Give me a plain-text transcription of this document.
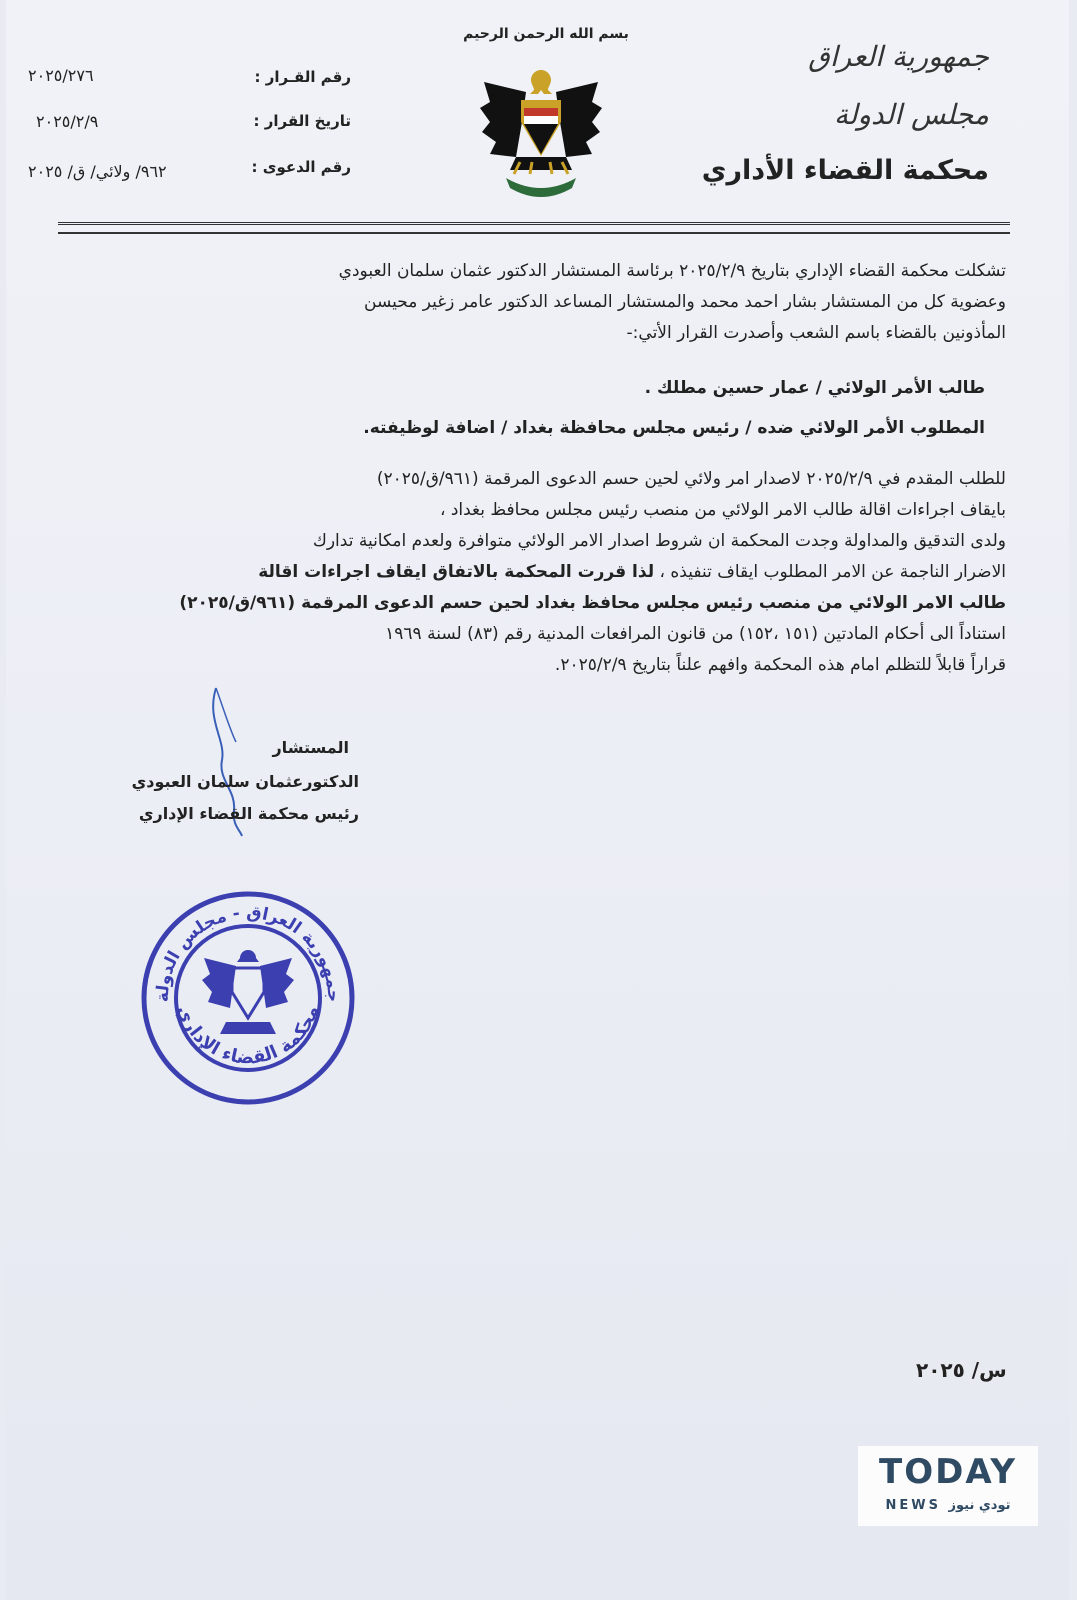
بسم الله الرحمن الرحيم
جمهورية العراق
مجلس الدولة
محكمة القضاء الأداري
رقم القـرار :
٢٠٢٥/٢٧٦
تاريخ القرار :
٢٠٢٥/٢/٩
رقم الدعوى :
٩٦٢/ ولائي/ ق/ ٢٠٢٥
تشكلت محكمة القضاء الإداري بتاريخ ٢٠٢٥/٢/٩ برئاسة المستشار الدكتور عثمان سلمان العبودي
وعضوية كل من المستشار بشار احمد محمد والمستشار المساعد الدكتور عامر زغير محيسن
المأذونين بالقضاء باسم الشعب وأصدرت القرار الأتي:-
طالب الأمر الولائي / عمار حسين مطلك .
المطلوب الأمر الولائي ضده / رئيس مجلس محافظة بغداد / اضافة لوظيفته.
للطلب المقدم في ٢٠٢٥/٢/٩ لاصدار امر ولائي لحين حسم الدعوى المرقمة (٩٦١/ق/٢٠٢٥)
بايقاف اجراءات اقالة طالب الامر الولائي من منصب رئيس مجلس محافظ بغداد ،
ولدى التدقيق والمداولة وجدت المحكمة ان شروط اصدار الامر الولائي متوافرة ولعدم امكانية تدارك
الاضرار الناجمة عن الامر المطلوب ايقاف تنفيذه ، لذا قررت المحكمة بالاتفاق ايقاف اجراءات اقالة
طالب الامر الولائي من منصب رئيس مجلس محافظ بغداد لحين حسم الدعوى المرقمة (٩٦١/ق/٢٠٢٥)
استناداً الى أحكام المادتين (١٥١ ،١٥٢) من قانون المرافعات المدنية رقم (٨٣) لسنة ١٩٦٩
قراراً قابلاً للتظلم امام هذه المحكمة وافهم علناً بتاريخ ٢٠٢٥/٢/٩.
المستشار
الدكتورعثمان سلمان العبودي
رئيس محكمة القضاء الإداري
جمهورية العراق - مجلس الدولة
محكمة القضاء الإداري
س/ ٢٠٢٥
TODAY
NEWS تودي نيوز
